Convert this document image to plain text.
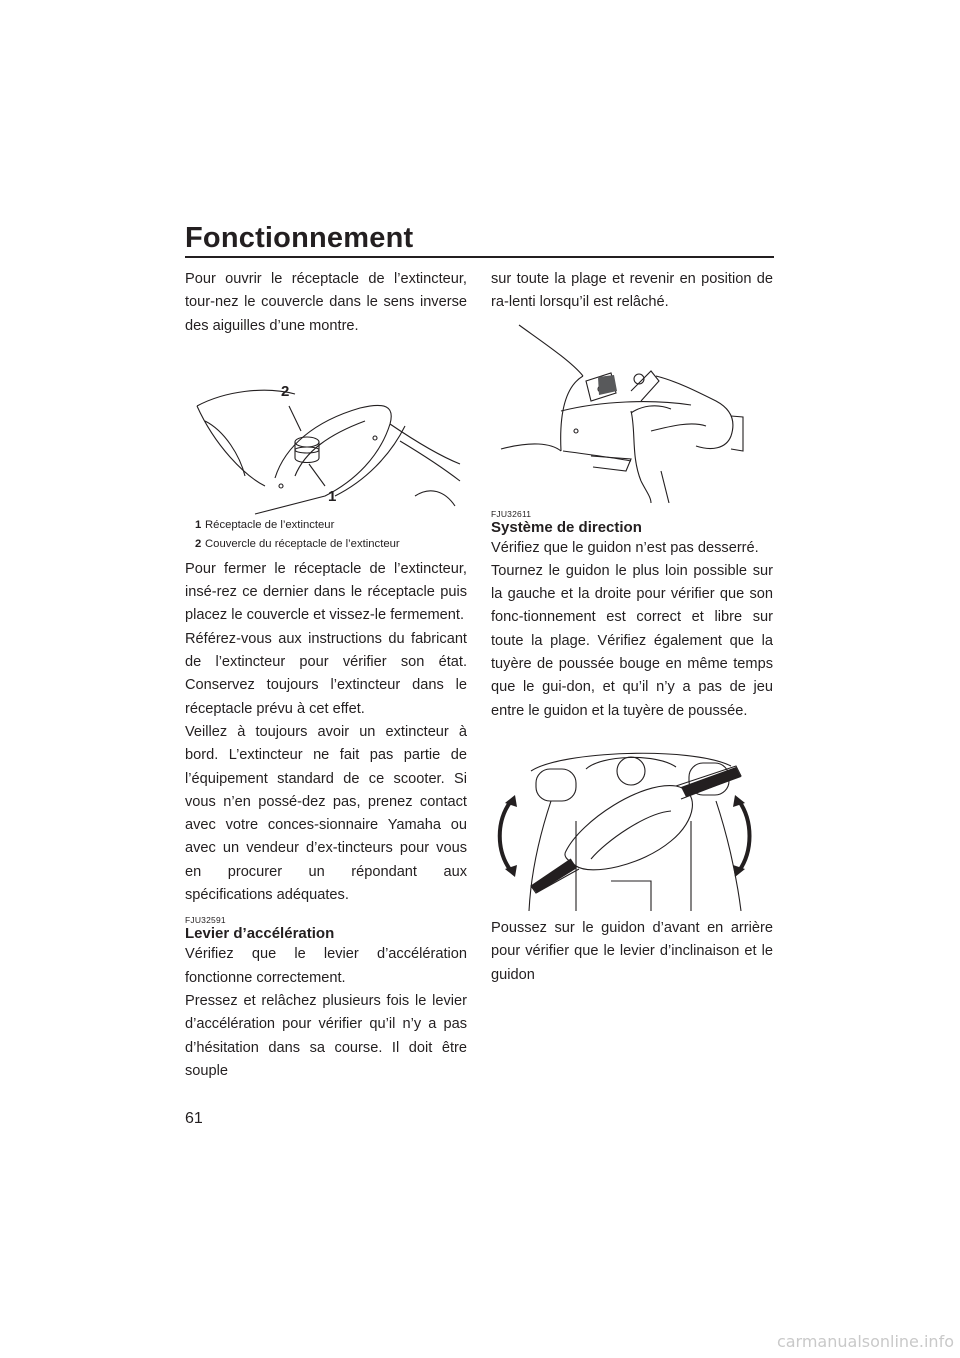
Fonctionnement

Pour ouvrir le réceptacle de l’extincteur, tour-nez le couvercle dans le sens inverse des aiguilles d’une montre.

2
1
1 Réceptacle de l’extincteur
2 Couvercle du réceptacle de l’extincteur

Pour fermer le réceptacle de l’extincteur, insé-rez ce dernier dans le réceptacle puis placez le couvercle et vissez-le fermement.

Référez-vous aux instructions du fabricant de l’extincteur pour vérifier son état. Conservez toujours l’extincteur dans le réceptacle prévu à cet effet.

Veillez à toujours avoir un extincteur à bord. L’extincteur ne fait pas partie de l’équipement standard de ce scooter. Si vous n’en possé-dez pas, prenez contact avec votre conces-sionnaire Yamaha ou avec un vendeur d’ex-tincteurs pour vous en procurer un répondant aux spécifications adéquates.

FJU32591
Levier d’accélération

Vérifiez que le levier d’accélération fonctionne correctement.

Pressez et relâchez plusieurs fois le levier d’accélération pour vérifier qu’il n’y a pas d’hésitation dans sa course. Il doit être souple

sur toute la plage et revenir en position de ra-lenti lorsqu’il est relâché.

FJU32611
Système de direction

Vérifiez que le guidon n’est pas desserré.

Tournez le guidon le plus loin possible sur la gauche et la droite pour vérifier que son fonc-tionnement est correct et libre sur toute la plage. Vérifiez également que la tuyère de poussée bouge en même temps que le gui-don, et qu’il n’y a pas de jeu entre le guidon et la tuyère de poussée.

Poussez sur le guidon d’avant en arrière pour vérifier que le levier d’inclinaison et le guidon

61
carmanualsonline.info
